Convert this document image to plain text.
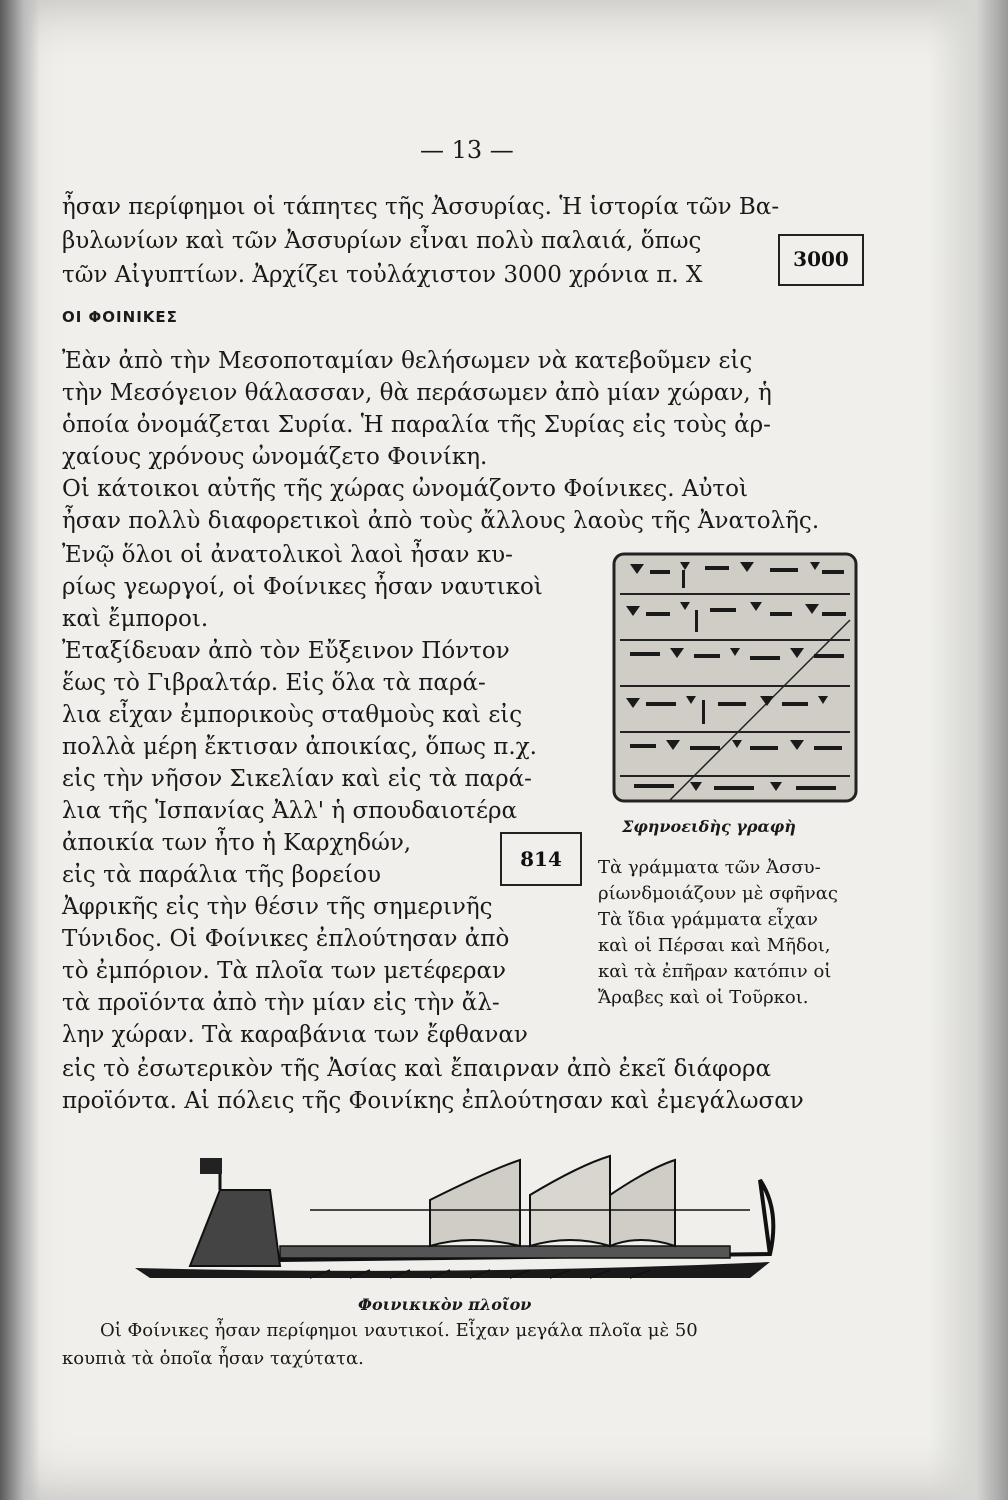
— 13 —
ἦσαν περίφημοι οἱ τάπητες τῆς Ἀσσυρίας. Ἡ ἱστορία τῶν Βα-
βυλωνίων καὶ τῶν Ἀσσυρίων εἶναι πολὺ παλαιά, ὅπως
τῶν Αἰγυπτίων. Ἀρχίζει τοὐλάχιστον 3000 χρόνια π. Χ
3000
ΟΙ ΦΟΙΝΙΚΕΣ
Ἐὰν ἀπὸ τὴν Μεσοποταμίαν θελήσωμεν νὰ κατεβοῦμεν εἰς
τὴν Μεσόγειον θάλασσαν, θὰ περάσωμεν ἀπὸ μίαν χώραν, ἡ
ὁποία ὀνομάζεται Συρία. Ἡ παραλία τῆς Συρίας εἰς τοὺς ἀρ-
χαίους χρόνους ὠνομάζετο Φοινίκη.
Οἱ κάτοικοι αὐτῆς τῆς χώρας ὠνομάζοντο Φοίνικες. Αὐτοὶ
ἦσαν πολλὺ διαφορετικοὶ ἀπὸ τοὺς ἄλλους λαοὺς τῆς Ἀνατολῆς.
Ἐνῷ ὅλοι οἱ ἀνατολικοὶ λαοὶ ἦσαν κυ-
ρίως γεωργοί, οἱ Φοίνικες ἦσαν ναυτικοὶ
καὶ ἔμποροι.
Ἐταξίδευαν ἀπὸ τὸν Εὔξεινον Πόντον
ἕως τὸ Γιβραλτάρ. Εἰς ὅλα τὰ παρά-
λια εἶχαν ἐμπορικοὺς σταθμοὺς καὶ εἰς
πολλὰ μέρη ἔκτισαν ἀποικίας, ὅπως π.χ.
εἰς τὴν νῆσον Σικελίαν καὶ εἰς τὰ παρά-
λια τῆς Ἱσπανίας Ἀλλ' ἡ σπουδαιοτέρα
ἀποικία των ἦτο ἡ Καρχηδών,
εἰς τὰ παράλια τῆς βορείου
Ἀφρικῆς εἰς τὴν θέσιν τῆς σημερινῆς
Τύνιδος. Οἱ Φοίνικες ἐπλούτησαν ἀπὸ
τὸ ἐμπόριον. Τὰ πλοῖα των μετέφεραν
τὰ προϊόντα ἀπὸ τὴν μίαν εἰς τὴν ἄλ-
λην χώραν. Τὰ καραβάνια των ἔφθαναν
814
εἰς τὸ ἐσωτερικὸν τῆς Ἀσίας καὶ ἔπαιρναν ἀπὸ ἐκεῖ διάφορα
προϊόντα. Αἱ πόλεις τῆς Φοινίκης ἐπλούτησαν καὶ ἐμεγάλωσαν
Σφηνοειδὴς γραφὴ
Τὰ γράμματα τῶν Ἀσσυ-
ρίωνδμοιάζουν μὲ σφῆνας
Τὰ ἴδια γράμματα εἶχαν
καὶ οἱ Πέρσαι καὶ Μῆδοι,
καὶ τὰ ἐπῆραν κατόπιν οἱ
Ἄραβες καὶ οἱ Τοῦρκοι.
Φοινικικὸν πλοῖον
Οἱ Φοίνικες ἦσαν περίφημοι ναυτικοί. Εἶχαν μεγάλα πλοῖα μὲ 50
κουπιὰ τὰ ὁποῖα ἦσαν ταχύτατα.
